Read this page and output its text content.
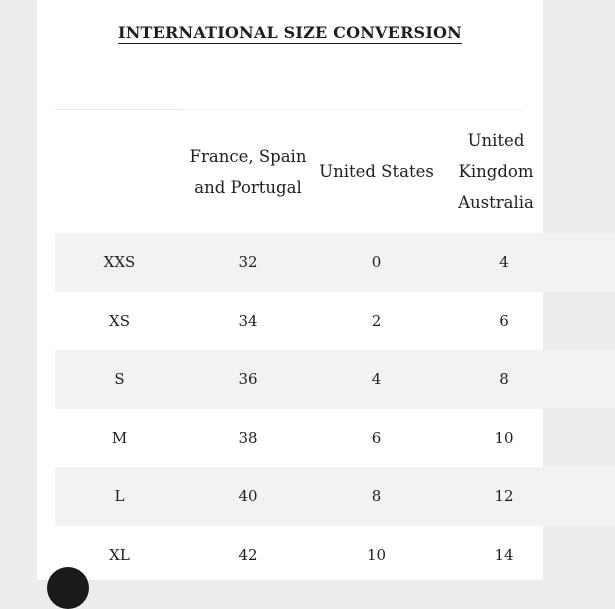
INTERNATIONAL SIZE CONVERSION
	France, Spain and Portugal	United States	United Kingdom Australia
XXS	32	0	4
XS	34	2	6
S	36	4	8
M	38	6	10
L	40	8	12
XL	42	10	14
